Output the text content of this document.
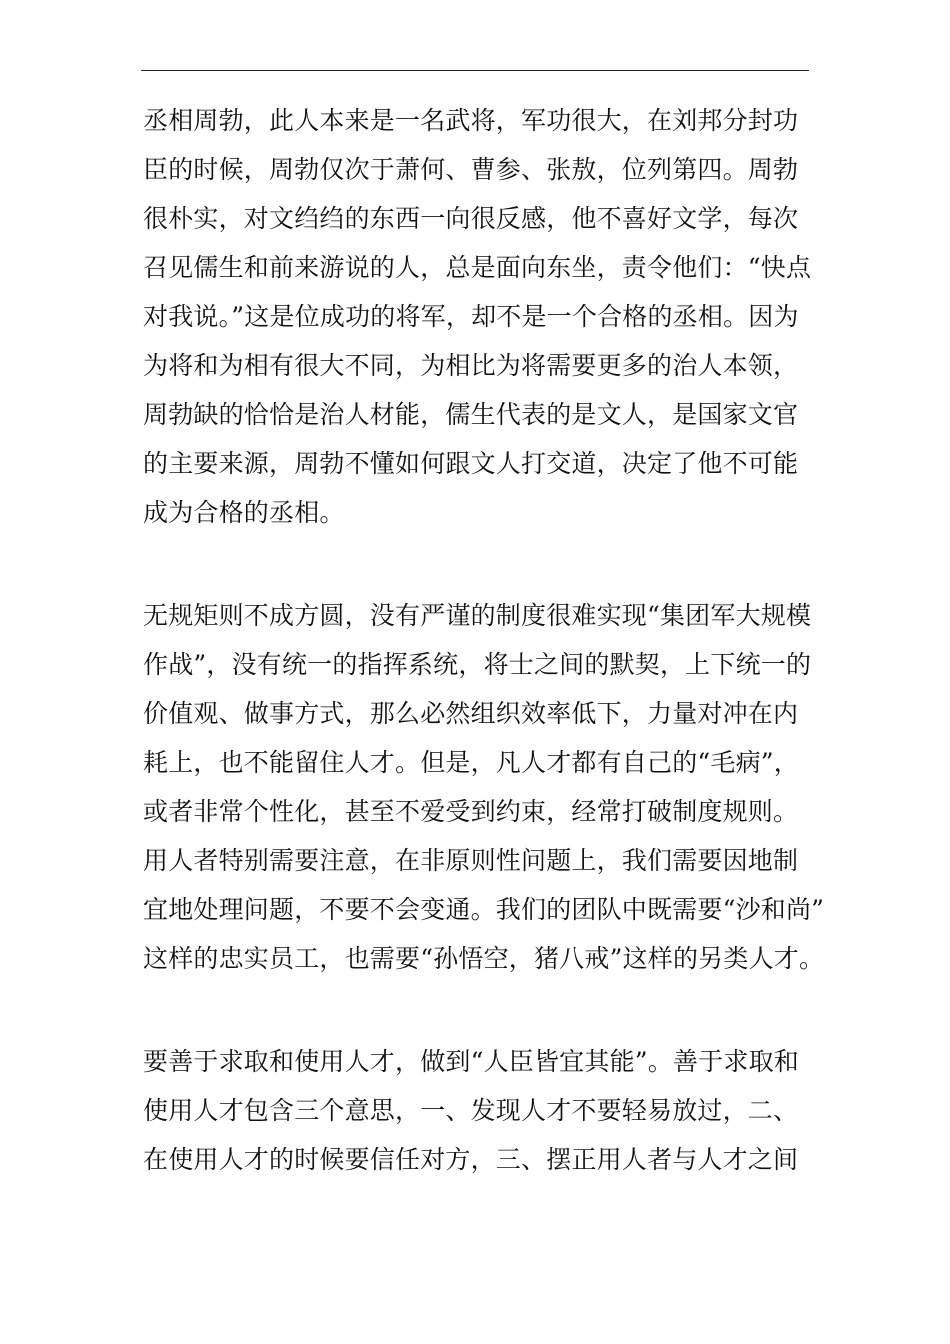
丞相周勃，此人本来是一名武将，军功很大，在刘邦分封功
臣的时候，周勃仅次于萧何、曹参、张敖，位列第四。周勃
很朴实，对文绉绉的东西一向很反感，他不喜好文学，每次
召见儒生和前来游说的人，总是面向东坐，责令他们：“快点
对我说。”这是位成功的将军，却不是一个合格的丞相。因为
为将和为相有很大不同，为相比为将需要更多的治人本领，
周勃缺的恰恰是治人材能，儒生代表的是文人，是国家文官
的主要来源，周勃不懂如何跟文人打交道，决定了他不可能
成为合格的丞相。
无规矩则不成方圆，没有严谨的制度很难实现“集团军大规模
作战”，没有统一的指挥系统，将士之间的默契，上下统一的
价值观、做事方式，那么必然组织效率低下，力量对冲在内
耗上，也不能留住人才。但是，凡人才都有自己的“毛病”，
或者非常个性化，甚至不爱受到约束，经常打破制度规则。
用人者特别需要注意，在非原则性问题上，我们需要因地制
宜地处理问题，不要不会变通。我们的团队中既需要“沙和尚”
这样的忠实员工，也需要“孙悟空，猪八戒”这样的另类人才。
要善于求取和使用人才，做到“人臣皆宜其能”。善于求取和
使用人才包含三个意思，一、发现人才不要轻易放过，二、
在使用人才的时候要信任对方，三、摆正用人者与人才之间
